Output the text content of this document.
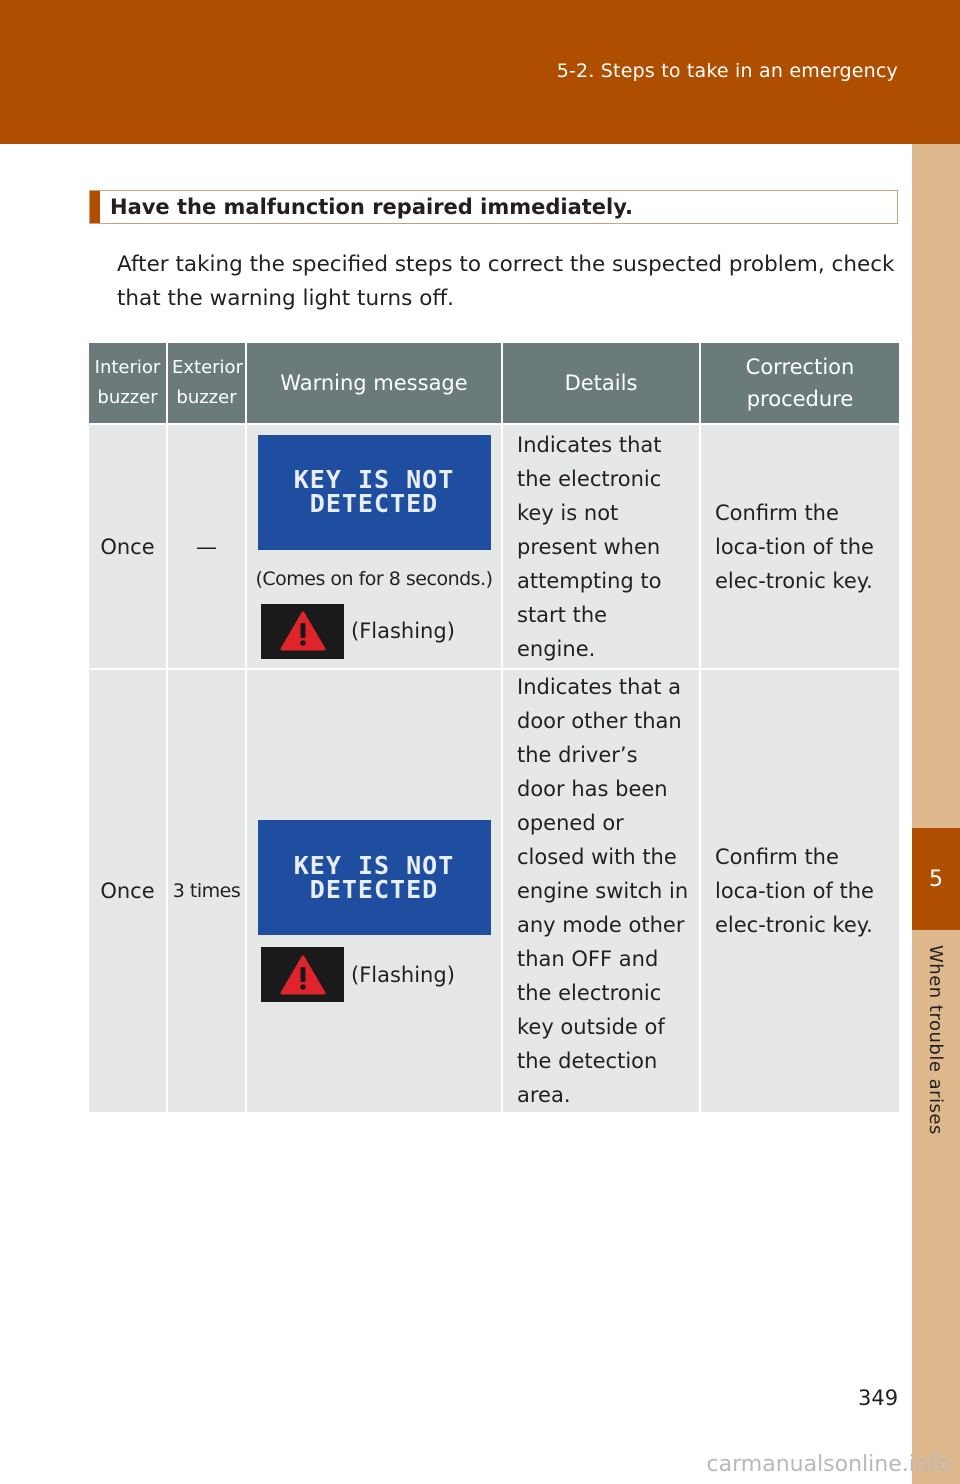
5-2. Steps to take in an emergency
5
When trouble arises
Have the malfunction repaired immediately.
After taking the specified steps to correct the suspected problem, check that the warning light turns off.
Interior buzzer	Exterior buzzer	Warning message	Details	Correction procedure
Once	—	KEY IS NOT
DETECTED
(Comes on for 8 seconds.)
(Flashing)	Indicates that the electronic key is not present when attempting to start the engine.	Confirm the loca-tion of the elec-tronic key.
Once	3 times	KEY IS NOT
DETECTED
(Flashing)	Indicates that a door other than the driver’s door has been opened or closed with the engine switch in any mode other than OFF and the electronic key outside of the detection area.	Confirm the loca-tion of the elec-tronic key.
349
carmanualsonline.info
